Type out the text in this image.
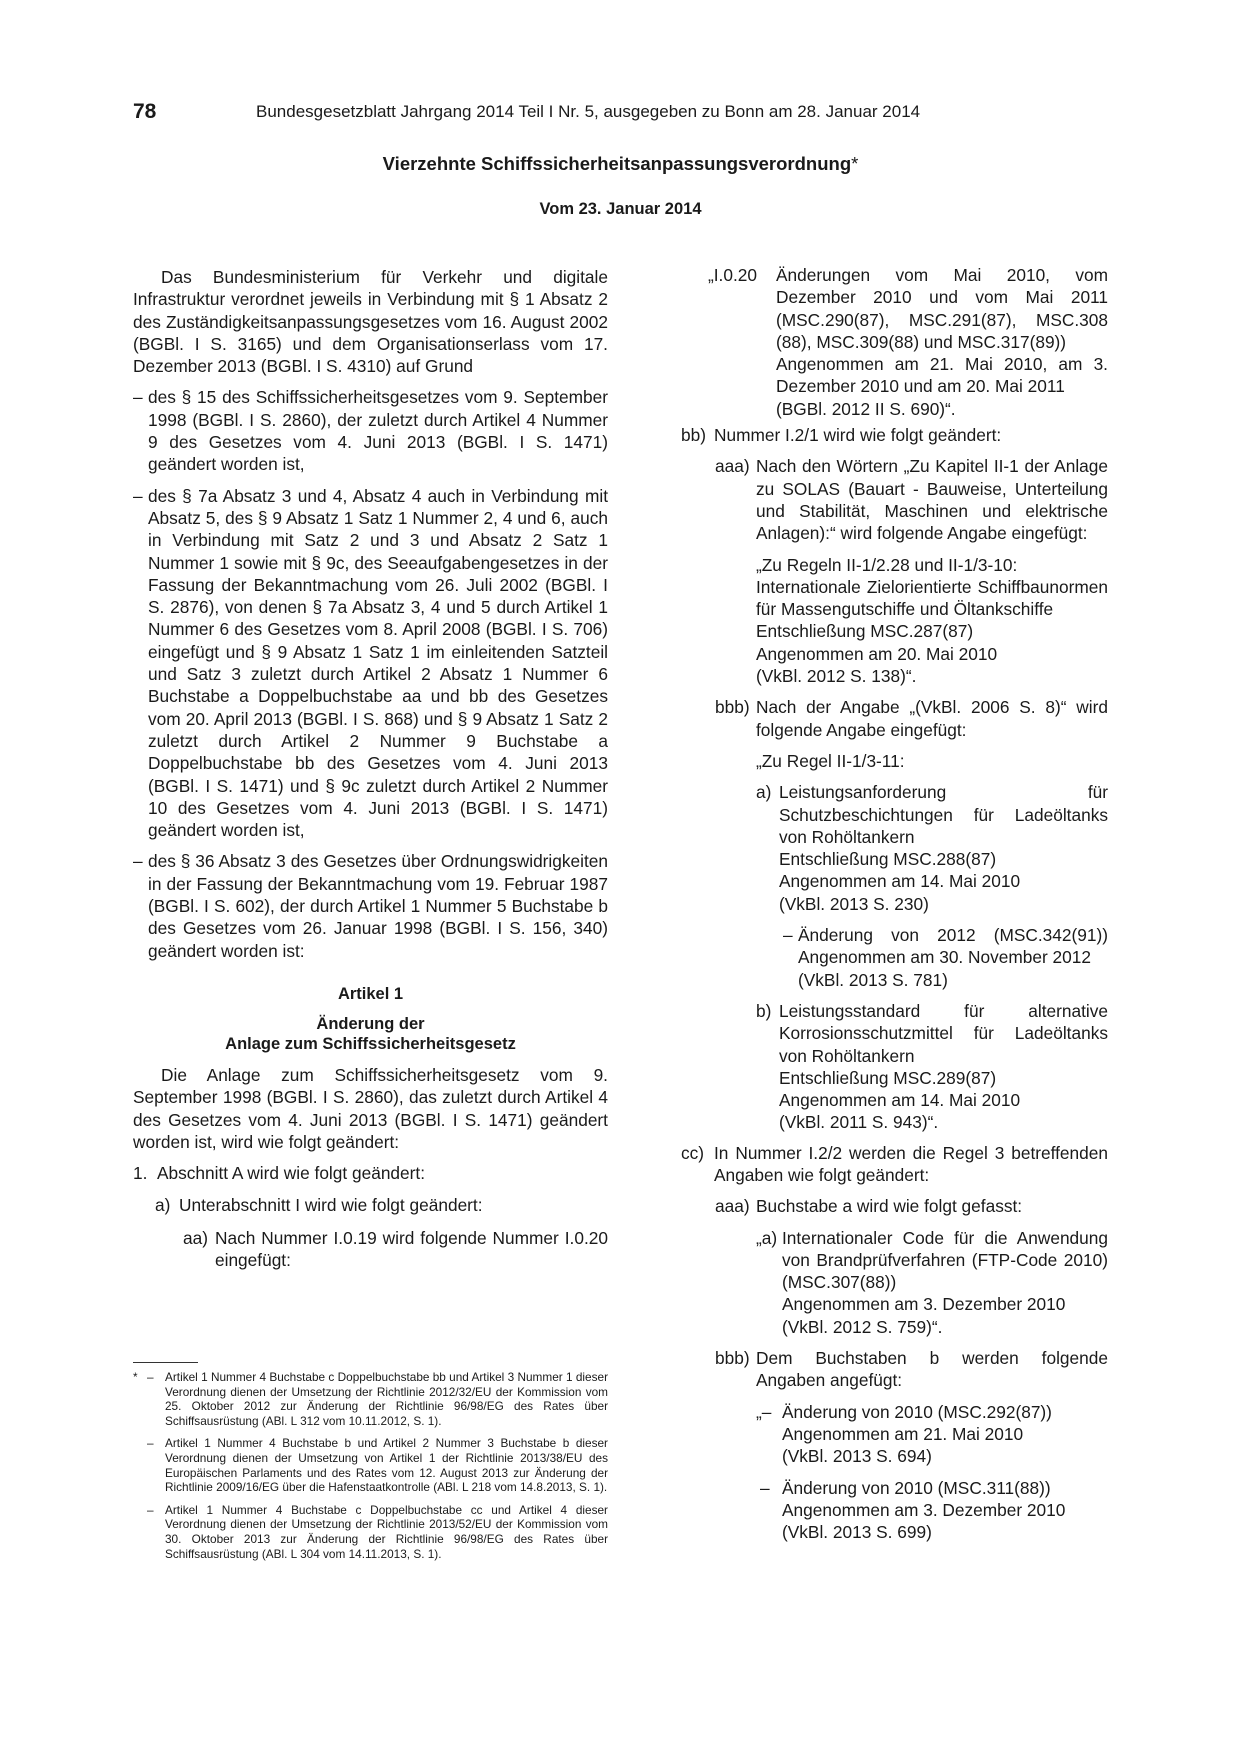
78	Bundesgesetzblatt Jahrgang 2014 Teil I Nr. 5, ausgegeben zu Bonn am 28. Januar 2014
Vierzehnte Schiffssicherheitsanpassungsverordnung*
Vom 23. Januar 2014

Das Bundesministerium für Verkehr und digitale Infrastruktur verordnet jeweils in Verbindung mit § 1 Absatz 2 des Zuständigkeitsanpassungsgesetzes vom 16. August 2002 (BGBl. I S. 3165) und dem Organisationserlass vom 17. Dezember 2013 (BGBl. I S. 4310) auf Grund

– des § 15 des Schiffssicherheitsgesetzes vom 9. September 1998 (BGBl. I S. 2860), der zuletzt durch Artikel 4 Nummer 9 des Gesetzes vom 4. Juni 2013 (BGBl. I S. 1471) geändert worden ist,
– des § 7a Absatz 3 und 4, Absatz 4 auch in Verbindung mit Absatz 5, des § 9 Absatz 1 Satz 1 Nummer 2, 4 und 6, auch in Verbindung mit Satz 2 und 3 und Absatz 2 Satz 1 Nummer 1 sowie mit § 9c, des Seeaufgabengesetzes in der Fassung der Bekanntmachung vom 26. Juli 2002 (BGBl. I S. 2876), von denen § 7a Absatz 3, 4 und 5 durch Artikel 1 Nummer 6 des Gesetzes vom 8. April 2008 (BGBl. I S. 706) eingefügt und § 9 Absatz 1 Satz 1 im einleitenden Satzteil und Satz 3 zuletzt durch Artikel 2 Absatz 1 Nummer 6 Buchstabe a Doppelbuchstabe aa und bb des Gesetzes vom 20. April 2013 (BGBl. I S. 868) und § 9 Absatz 1 Satz 2 zuletzt durch Artikel 2 Nummer 9 Buchstabe a Doppelbuchstabe bb des Gesetzes vom 4. Juni 2013 (BGBl. I S. 1471) und § 9c zuletzt durch Artikel 2 Nummer 10 des Gesetzes vom 4. Juni 2013 (BGBl. I S. 1471) geändert worden ist,
– des § 36 Absatz 3 des Gesetzes über Ordnungswidrigkeiten in der Fassung der Bekanntmachung vom 19. Februar 1987 (BGBl. I S. 602), der durch Artikel 1 Nummer 5 Buchstabe b des Gesetzes vom 26. Januar 1998 (BGBl. I S. 156, 340) geändert worden ist:
Artikel 1
Änderung der
Anlage zum Schiffssicherheitsgesetz

Die Anlage zum Schiffssicherheitsgesetz vom 9. September 1998 (BGBl. I S. 2860), das zuletzt durch Artikel 4 des Gesetzes vom 4. Juni 2013 (BGBl. I S. 1471) geändert worden ist, wird wie folgt geändert:

1. Abschnitt A wird wie folgt geändert:
a) Unterabschnitt I wird wie folgt geändert:
aa) Nach Nummer I.0.19 wird folgende Nummer I.0.20 eingefügt:
* – Artikel 1 Nummer 4 Buchstabe c Doppelbuchstabe bb und Artikel 3 Nummer 1 dieser Verordnung dienen der Umsetzung der Richtlinie 2012/32/EU der Kommission vom 25. Oktober 2012 zur Änderung der Richtlinie 96/98/EG des Rates über Schiffsausrüstung (ABl. L 312 vom 10.11.2012, S. 1).
– Artikel 1 Nummer 4 Buchstabe b und Artikel 2 Nummer 3 Buchstabe b dieser Verordnung dienen der Umsetzung von Artikel 1 der Richtlinie 2013/38/EU des Europäischen Parlaments und des Rates vom 12. August 2013 zur Änderung der Richtlinie 2009/16/EG über die Hafenstaatkontrolle (ABl. L 218 vom 14.8.2013, S. 1).
– Artikel 1 Nummer 4 Buchstabe c Doppelbuchstabe cc und Artikel 4 dieser Verordnung dienen der Umsetzung der Richtlinie 2013/52/EU der Kommission vom 30. Oktober 2013 zur Änderung der Richtlinie 96/98/EG des Rates über Schiffsausrüstung (ABl. L 304 vom 14.11.2013, S. 1).
„I.0.20 Änderungen vom Mai 2010, vom Dezember 2010 und vom Mai 2011 (MSC.290(87), MSC.291(87), MSC.308 (88), MSC.309(88) und MSC.317(89))
Angenommen am 21. Mai 2010, am 3. Dezember 2010 und am 20. Mai 2011
(BGBl. 2012 II S. 690)“.
bb) Nummer I.2/1 wird wie folgt geändert:
aaa) Nach den Wörtern „Zu Kapitel II-1 der Anlage zu SOLAS (Bauart - Bauweise, Unterteilung und Stabilität, Maschinen und elektrische Anlagen):“ wird folgende Angabe eingefügt:
„Zu Regeln II-1/2.28 und II-1/3-10:
Internationale Zielorientierte Schiffbaunormen für Massengutschiffe und Öltankschiffe
Entschließung MSC.287(87)
Angenommen am 20. Mai 2010
(VkBl. 2012 S. 138)“.
bbb) Nach der Angabe „(VkBl. 2006 S. 8)“ wird folgende Angabe eingefügt:
„Zu Regel II-1/3-11:
a) Leistungsanforderung für Schutzbeschichtungen für Ladeöltanks von Rohöltankern
Entschließung MSC.288(87)
Angenommen am 14. Mai 2010
(VkBl. 2013 S. 230)
– Änderung von 2012 (MSC.342(91)) Angenommen am 30. November 2012
(VkBl. 2013 S. 781)
b) Leistungsstandard für alternative Korrosionsschutzmittel für Ladeöltanks von Rohöltankern
Entschließung MSC.289(87)
Angenommen am 14. Mai 2010
(VkBl. 2011 S. 943)“.
cc) In Nummer I.2/2 werden die Regel 3 betreffenden Angaben wie folgt geändert:
aaa) Buchstabe a wird wie folgt gefasst:
„a) Internationaler Code für die Anwendung von Brandprüfverfahren (FTP-Code 2010) (MSC.307(88))
Angenommen am 3. Dezember 2010
(VkBl. 2012 S. 759)“.
bbb) Dem Buchstaben b werden folgende Angaben angefügt:
„– Änderung von 2010 (MSC.292(87))
Angenommen am 21. Mai 2010
(VkBl. 2013 S. 694)
– Änderung von 2010 (MSC.311(88))
Angenommen am 3. Dezember 2010
(VkBl. 2013 S. 699)
